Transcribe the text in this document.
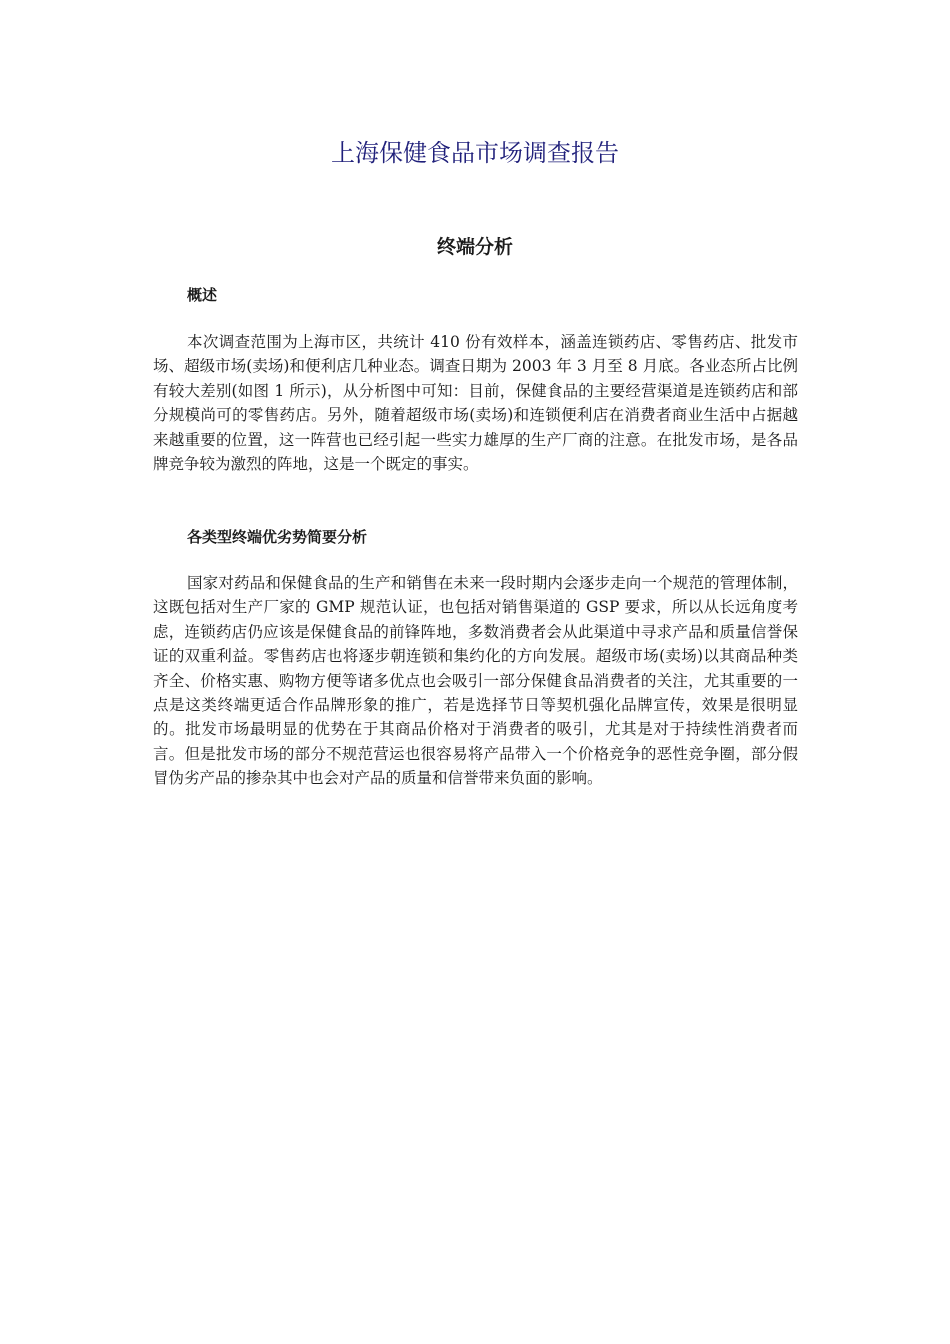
上海保健食品市场调查报告
终端分析
概述

本次调查范围为上海市区，共统计 410 份有效样本，涵盖连锁药店、零售药店、批发市场、超级市场(卖场)和便利店几种业态。调查日期为 2003 年 3 月至 8 月底。各业态所占比例有较大差别(如图 1 所示)，从分析图中可知：目前，保健食品的主要经营渠道是连锁药店和部分规模尚可的零售药店。另外，随着超级市场(卖场)和连锁便利店在消费者商业生活中占据越来越重要的位置，这一阵营也已经引起一些实力雄厚的生产厂商的注意。在批发市场，是各品牌竞争较为激烈的阵地，这是一个既定的事实。

各类型终端优劣势简要分析

国家对药品和保健食品的生产和销售在未来一段时期内会逐步走向一个规范的管理体制，这既包括对生产厂家的 GMP 规范认证，也包括对销售渠道的 GSP 要求，所以从长远角度考虑，连锁药店仍应该是保健食品的前锋阵地，多数消费者会从此渠道中寻求产品和质量信誉保证的双重利益。零售药店也将逐步朝连锁和集约化的方向发展。超级市场(卖场)以其商品种类齐全、价格实惠、购物方便等诸多优点也会吸引一部分保健食品消费者的关注，尤其重要的一点是这类终端更适合作品牌形象的推广，若是选择节日等契机强化品牌宣传，效果是很明显的。批发市场最明显的优势在于其商品价格对于消费者的吸引，尤其是对于持续性消费者而言。但是批发市场的部分不规范营运也很容易将产品带入一个价格竞争的恶性竞争圈，部分假冒伪劣产品的掺杂其中也会对产品的质量和信誉带来负面的影响。
